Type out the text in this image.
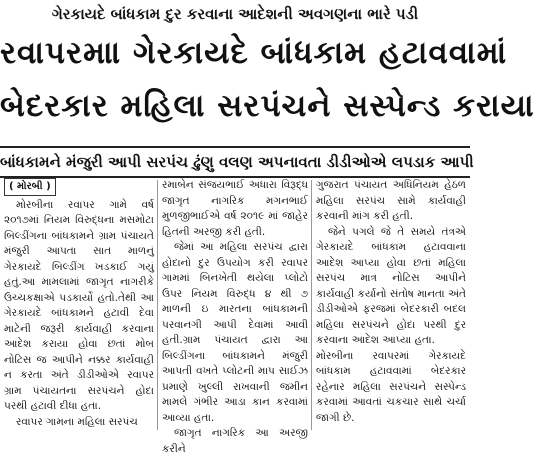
ગેરકાયદે બાંધકામ દુર કરવાના આદેશની અવગણના ભારે પડી
રવાપરમાા ગેરકાયદે બાંધકામ હટાવવામાં
બેદરકાર મહિલા સરપંચને સસ્પેન્ડ કરાયા
બાંધકામને મંજુરી આપી સરપંચ ઢુંણુ વલણ અપનાવતા ડીડીઓએ લપડાક આપી
( મોરબી )

મોરબીના રવાપર ગામે વર્ષ ૨૦૧૭માં નિયમ વિરુદ્ધના મસમોટા બિલ્ડીંગના બાંધકામને ગ્રામ પંચાયતે મંજુરી આપતા સાત માળનું ગેરકાયદે બિલ્ડીંગ ખડકાઈ ગયું હતું.આ મામલામાં જાગૃત નાગરીકે ઉચ્ચકક્ષાએ પડકાર્યો હતો.તેથી આ ગેરકાયદે બાંધકામને હટાવી દેવા માટેની જરૂરી કાર્યવાહી કરવાના આદેશ કરાયા હોવા છતાં મોબ નોટિસ જ આપીને નક્કર કાર્યવાહી ન કરતા અંતે ડીડીઓએ રવાપર ગ્રામ પંચાયતના સરપંચને હોદા પરથી હટાવી દીધા હતા.

રવાપર ગામના મહિલા સરપંચ

રમાબેન સંજયભાઈ અધારા વિરૂદ્ધ જાગૃત નાગરિક મગનભાઈ મુળજીભાઈએ વર્ષ ૨૦૧૯ માં જાહેર હિતની અરજી કરી હતી.

જેમાં આ મહિલા સરપંચ દ્વારા હોદાનો દુર ઉપયોગ કરી રવાપર ગામમાં બિનખેતી થયેલા પ્લોટો ઉપર નિયમ વિરુદ્ધ ૪ થી ૭ માળની ઇ મારતના બાંધકામની પરવાનગી આપી દેવામાં આવી હતી.ગ્રામ પંચાયત દ્વારા આ બિલ્ડીંગના બાંધકામને મંજુરી આપતી વખતે પ્લોટની માપ સાઈઝ પ્રમાણે ખુલ્લી રાખવાની જમીન મામલે ગંભીર આડા કાન કરવામાં આવ્યા હતા.

જાગૃત નાગરિક આ અરજી કરીને

ગુજરાત પંચાયત અધિનિયમ હેઠળ મહિલા સરપંચ સામે કાર્યવાહી કરવાની માંગ કરી હતી.

જેને પગલે જે તે સમયે તંત્રએ ગેરકાયદે બાંધકામ હટાવવાના આદેશ આપ્યા હોવા છતાં મહિલા સરપંચ માત્ર નોટિસ આપીને કાર્યવાહી કર્યાનો સંતોષ માનતા અંતે ડીડીઓએ ફરજમાં બેદરકારી બદલ મહિલા સરપંચને હોદા પરથી દુર કરવાના આદેશ આપ્યા હતા.

મોરબીના રવાપરમાં ગેરકાયદે બાંધકામ હટાવવામાં બેદરકાર રહેનાર મહિલા સરપંચને સસ્પેન્ડ કરવામાં આવતાં ચકચાર સાથે ચર્ચા જાગી છે.
